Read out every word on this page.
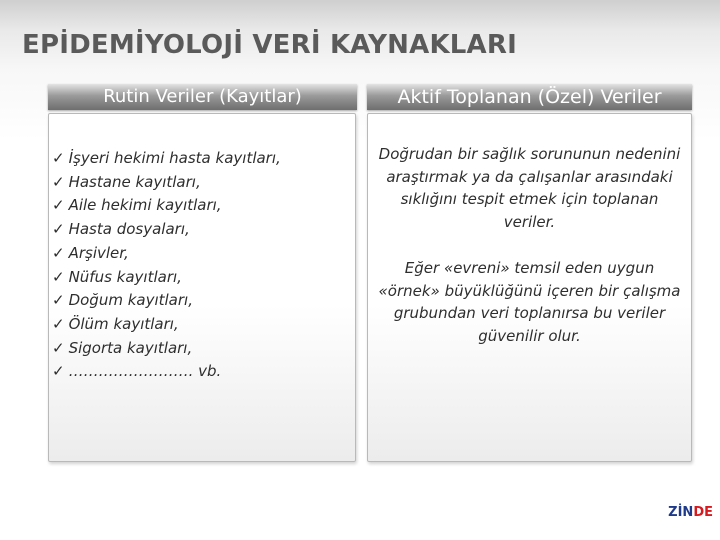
EPİDEMİYOLOJİ VERİ KAYNAKLARI
Rutin Veriler (Kayıtlar)	Aktif Toplanan (Özel) Veriler
✓ İşyeri hekimi hasta kayıtları,
✓ Hastane kayıtları,
✓ Aile hekimi kayıtları,
✓ Hasta dosyaları,
✓ Arşivler,
✓ Nüfus kayıtları,
✓ Doğum kayıtları,
✓ Ölüm kayıtları,
✓ Sigorta kayıtları,
✓ ……………………. vb.

Doğrudan bir sağlık sorununun nedenini araştırmak ya da çalışanlar arasındaki sıklığını tespit etmek için toplanan veriler.

Eğer «evreni» temsil eden uygun «örnek» büyüklüğünü içeren bir çalışma grubundan veri toplanırsa bu veriler güvenilir olur.

ZİNDE
